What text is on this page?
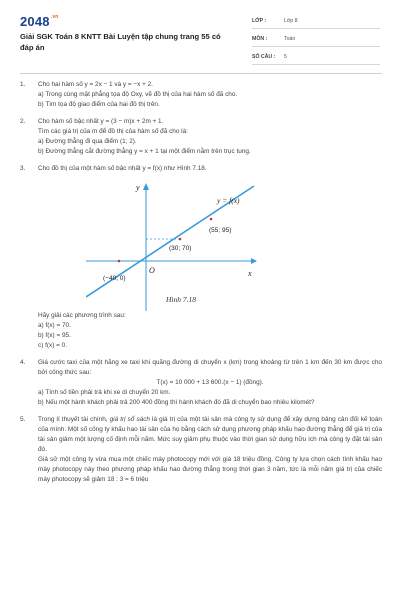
$2048^{.vn}$
Giải SGK Toán 8 KNTT Bài Luyện tập chung trang 55 có đáp án
LỚP :	Lớp 8
MÔN :	Toán
SỐ CÂU :	5
1. Cho hai hàm số y = 2x − 1 và y = −x + 2.

a) Trong cùng mặt phẳng tọa độ Oxy, vẽ đồ thị của hai hàm số đã cho.

b) Tìm tọa độ giao điểm của hai đồ thị trên.

2. Cho hàm số bậc nhất y = (3 − m)x + 2m + 1.

Tìm các giá trị của m để đồ thị của hàm số đã cho là:

a) Đường thẳng đi qua điểm (1; 2).

b) Đường thẳng cắt đường thẳng y = x + 1 tại một điểm nằm trên trục tung.

3. Cho đồ thị của một hàm số bậc nhất y = f(x) như Hình 7.18.

y
x
O
y = f(x)
(55; 95)
(30; 70)
(−40; 0)
Hình 7.18

Hãy giải các phương trình sau:

a) f(x) = 70.

b) f(x) = 95.

c) f(x) = 0.

4. Giá cước taxi của một hãng xe taxi khi quãng đường di chuyển x (km) trong khoảng từ trên 1 km đến 30 km được cho bởi công thức sau:

T(x) = 10 000 + 13 600.(x − 1) (đồng).

a) Tính số tiền phải trả khi xe di chuyển 20 km.

b) Nếu một hành khách phải trả 200 400 đồng thì hành khách đó đã di chuyển bao nhiêu kilomét?

5. Trong lí thuyết tài chính, giá trị sổ sách là giá trị của một tài sản mà công ty sử dụng để xây dựng bảng cân đối kế toán của mình. Một số công ty khấu hao tài sản của họ bằng cách sử dụng phương pháp khấu hao đường thẳng để giá trị của tài sản giảm một lượng cố định mỗi năm. Mức suy giảm phụ thuộc vào thời gian sử dụng hữu ích mà công ty đặt tài sản đó.

Giả sử một công ty vừa mua một chiếc máy photocopy mới với giá 18 triệu đồng. Công ty lựa chọn cách tính khấu hao máy photocopy này theo phương pháp khấu hao đường thẳng trong thời gian 3 năm, tức là mỗi năm giá trị của chiếc máy photocopy sẽ giảm 18 : 3 = 6 triệu
